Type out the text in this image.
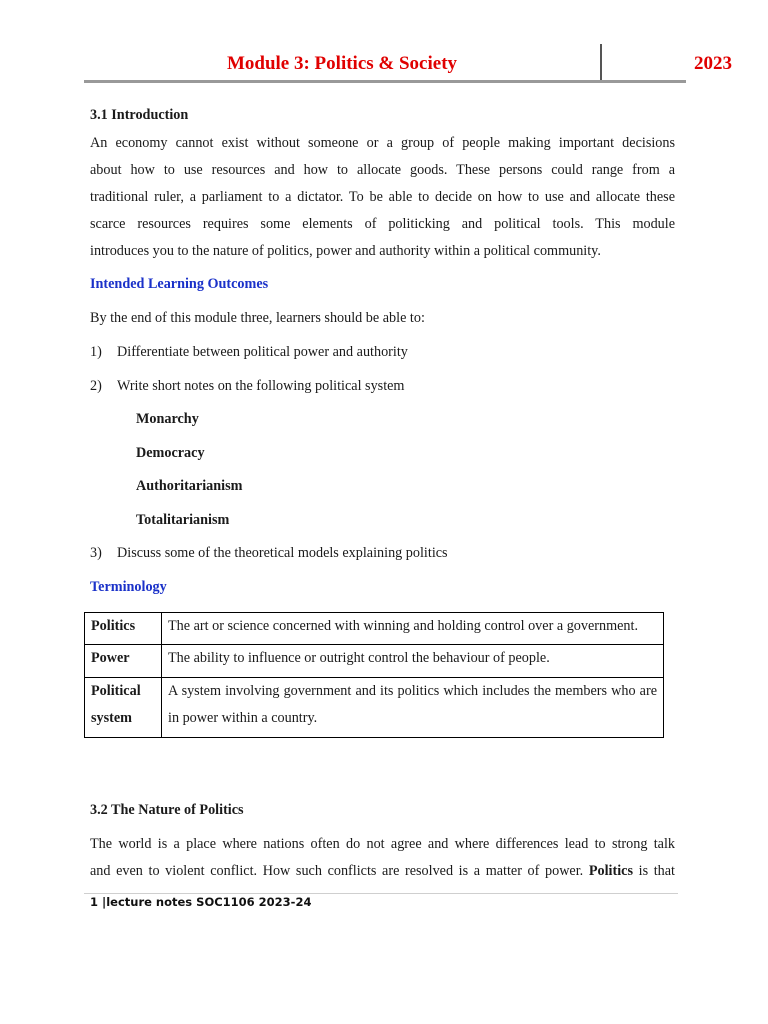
Module 3: Politics & Society	2023
3.1 Introduction
An economy cannot exist without someone or a group of people making important decisions
about how to use resources and how to allocate goods. These persons could range from a
traditional ruler, a parliament to a dictator. To be able to decide on how to use and allocate these
scarce resources requires some elements of politicking and political tools. This module
introduces you to the nature of politics, power and authority within a political community.
Intended Learning Outcomes
By the end of this module three, learners should be able to:
1) Differentiate between political power and authority
2) Write short notes on the following political system
Monarchy
Democracy
Authoritarianism
Totalitarianism
3) Discuss some of the theoretical models explaining politics
Terminology
Politics	The art or science concerned with winning and holding control over a government.
Power	The ability to influence or outright control the behaviour of people.
Political system	A system involving government and its politics which includes the members who are in power within a country.
3.2 The Nature of Politics
The world is a place where nations often do not agree and where differences lead to strong talk
and even to violent conflict. How such conflicts are resolved is a matter of power. Politics is that
1 |lecture notes SOC1106 2023-24
